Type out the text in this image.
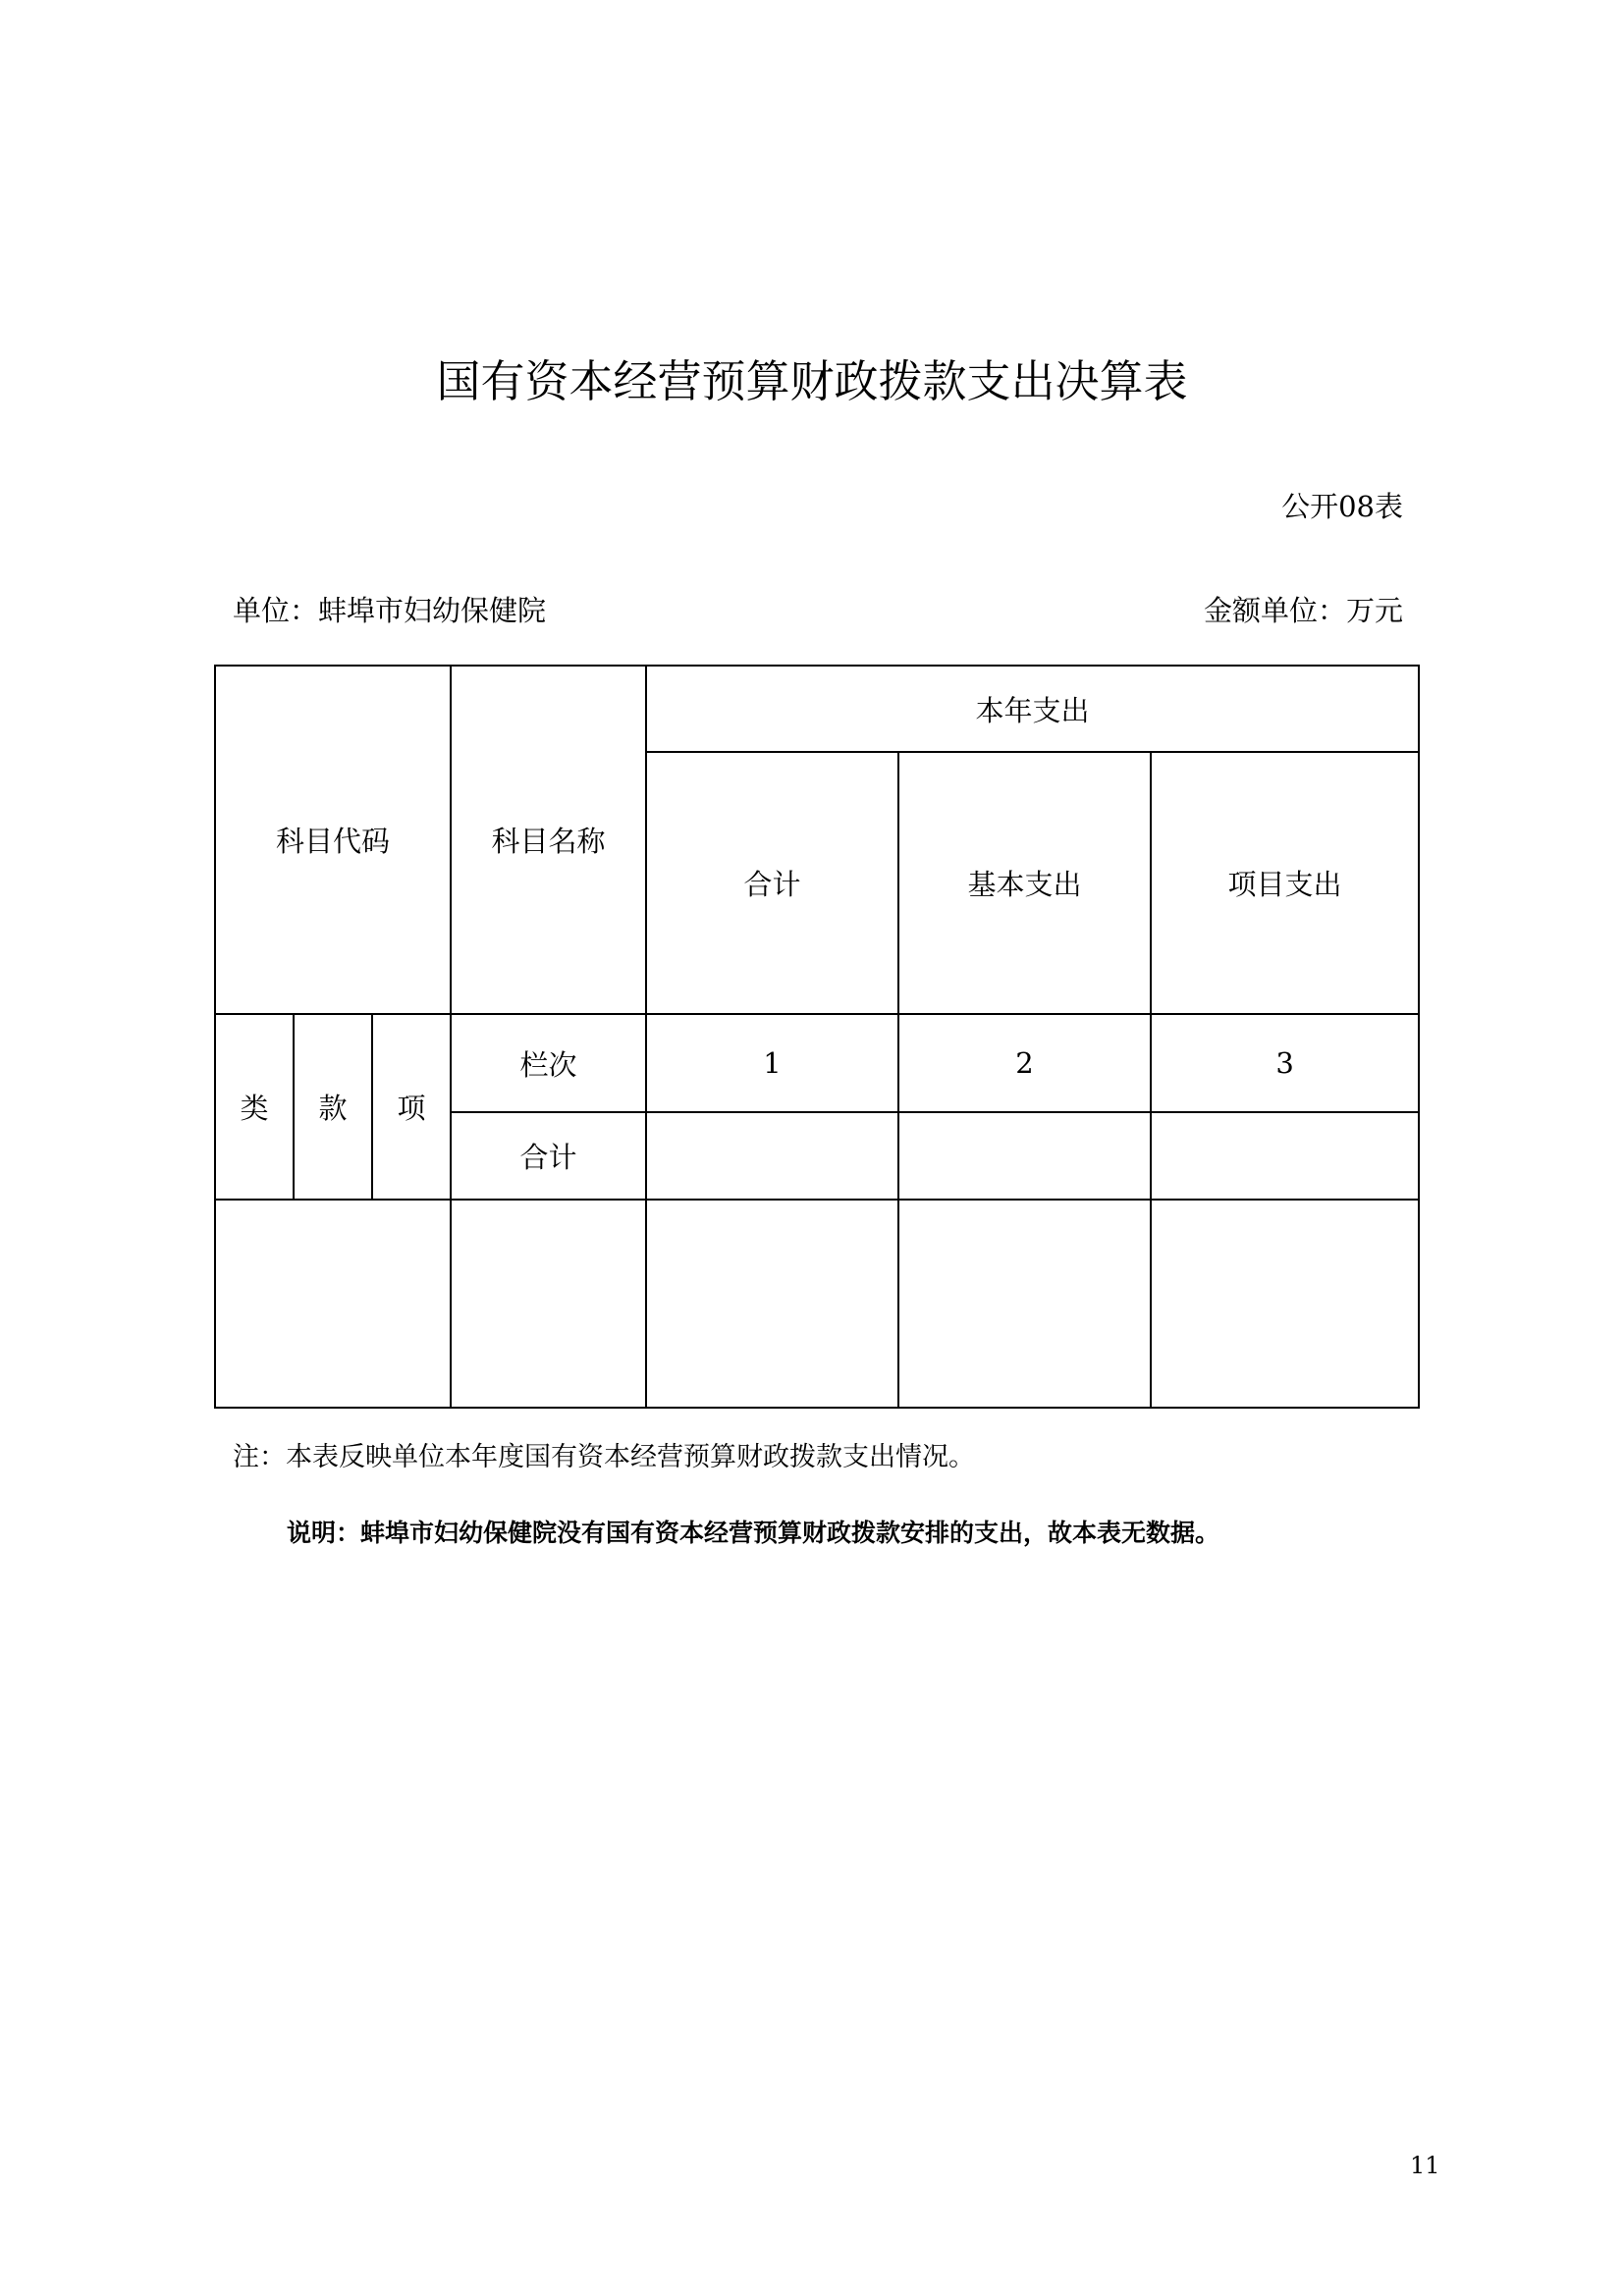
国有资本经营预算财政拨款支出决算表
公开08表
单位：蚌埠市妇幼保健院	金额单位：万元
科目代码			科目名称	本年支出		
				合计	基本支出	项目支出
类	款	项	栏次	1	2	3
			合计			

注：本表反映单位本年度国有资本经营预算财政拨款支出情况。
说明：蚌埠市妇幼保健院没有国有资本经营预算财政拨款安排的支出，故本表无数据。
11
